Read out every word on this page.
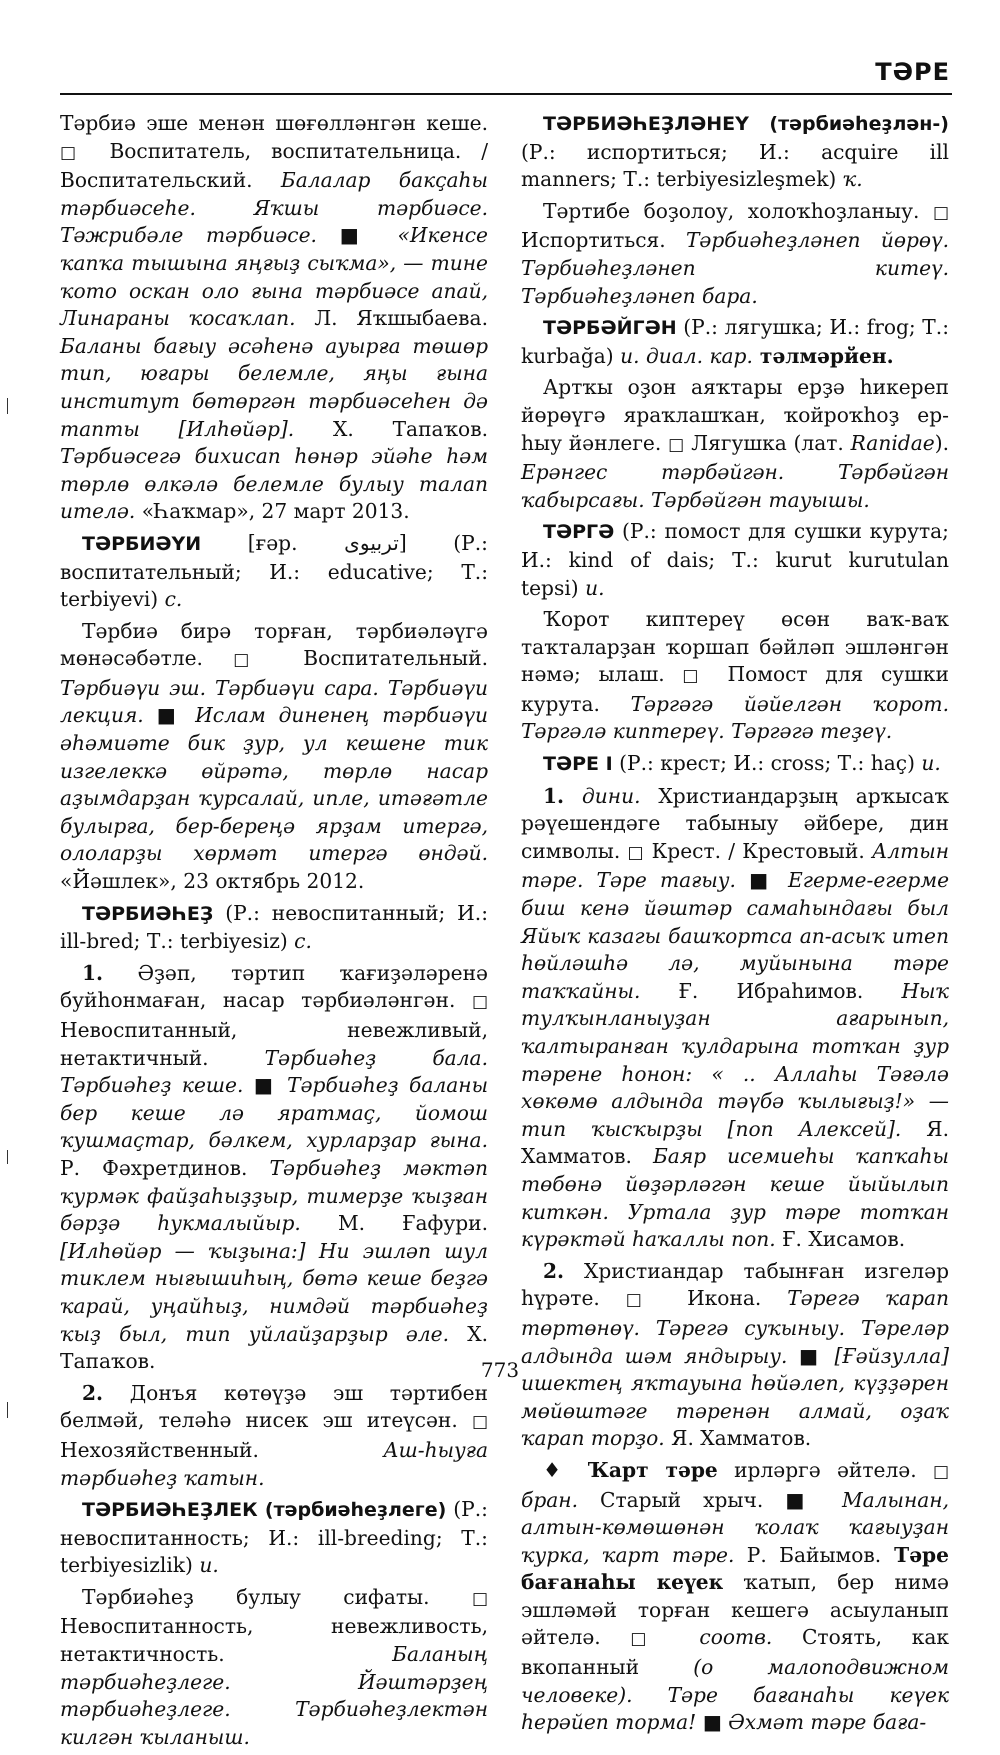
ТӘРЕ
Тәрбиә эше менән шөғөлләнгән кеше. □ Воспитатель, воспитательница. / Воспитательский. Балалар бакҫаһы тәрбиәсеһе. Яҡшы тәрбиәсе. Тәжрибәле тәрбиәсе. ■ «Икенсе ҡапҡа тышына яңғыҙ сыҡма», — тине ҡото оскан оло ғына тәрбиәсе апай, Линараны ҡосаҡлап. Л. Яҡшыбаева. Баланы бағыу әсәһенә ауырға төшөр тип, юғары белемле, яңы ғына институт бөтөргән тәрбиәсеһен дә тапты [Илһөйәр]. Х. Тапаҡов. Тәрбиәсегә бихисап һөнәр эйәһе һәм төрлө өлкәлә белемле булыу талап ителә. «Һаҡмар», 27 март 2013.
ТӘРБИӘҮИ [ғәр. تربيوى] (Р.: воспитательный; И.: educative; Т.: terbiyevi) с.
Тәрбиә бирә торған, тәрбиәләүгә мөнәсәбәтле. □ Воспитательный. Тәрбиәүи эш. Тәрбиәүи сара. Тәрбиәүи лекция. ■ Ислам диненең тәрбиәүи әһәмиәте бик ҙур, ул кешене тик изгелеккә өйрәтә, төрлө насар аҙымдарҙан ҡурсалай, ипле, итәғәтле булырға, бер-береңә ярҙам итергә, ололарҙы хөрмәт итергә өндәй. «Йәшлек», 23 октябрь 2012.
ТӘРБИӘҺЕҘ (Р.: невоспитанный; И.: ill-bred; Т.: terbiyesiz) с.
1. Әҙәп, тәртип ҡағиҙәләренә буйһонмаған, насар тәрбиәләнгән. □ Невоспитанный, невежливый, нетактичный. Тәрбиәһеҙ бала. Тәрбиәһеҙ кеше. ■ Тәрбиәһеҙ баланы бер кеше лә яратмаҫ, йомош ҡушмаҫтар, бәлкем, хурларҙар ғына. Р. Фәхретдинов. Тәрбиәһеҙ мәктәп ҡурмәк файҙаһыҙҙыр, тимерҙе ҡыҙған бәрҙә һукмалыйыр. М. Ғафури. [Илһөйәр — ҡыҙына:] Ни эшләп шул тиклем нығышиһың, бөтә кеше беҙгә ҡарай, уңайһыҙ, нимдәй тәрбиәһеҙ ҡыҙ был, тип уйлайҙарҙыр әле. Х. Тапаҡов.
2. Донъя көтөүҙә эш тәртибен белмәй, теләһә нисек эш итеүсән. □ Нехозяйственный. Аш-һыуға тәрбиәһеҙ ҡатын.
ТӘРБИӘҺЕҘЛЕК (тәрбиәһеҙлеге) (Р.: невоспитанность; И.: ill-breeding; Т.: terbiyesizlik) и.
Тәрбиәһеҙ булыу сифаты. □ Невоспитанность, невежливость, нетактичность. Баланың тәрбиәһеҙлеге. Йәштәрҙең тәрбиәһеҙлеге. Тәрбиәһеҙлектән килгән ҡыланыш.
ТӘРБИӘҺЕҘЛӘНЕҮ (тәрбиәһеҙлән-) (Р.: испортиться; И.: acquire ill manners; Т.: terbiyesizleşmek) ҡ.
Тәртибе боҙолоу, холоҡһоҙланыу. □ Испортиться. Тәрбиәһеҙләнеп йөрөү. Тәрбиәһеҙләнеп китеү. Тәрбиәһеҙләнеп бара.
ТӘРБӘЙГӘН (Р.: лягушка; И.: frog; Т.: kurbağa) и. диал. кар. тәлмәрйен.
Артҡы оҙон аяҡтары ерҙә һикереп йөрөүгә яраҡлашҡан, ҡойроҡһоҙ ер-һыу йәнлеге. □ Лягушка (лат. Ranidae). Ерәнгес тәрбәйгән. Тәрбәйгән ҡабырсағы. Тәрбәйгән тауышы.
ТӘРГӘ (Р.: помост для сушки курута; И.: kind of dais; Т.: kurut kurutulan tepsi) и.
Ҡорот киптереү өсөн ваҡ-ваҡ таҡталарҙан ҡоршап бәйләп эшләнгән нәмә; ылаш. □ Помост для сушки курута. Тәргәгә йәйелгән ҡорот. Тәргәлә киптереү. Тәргәгә теҙеү.
ТӘРЕ I (Р.: крест; И.: cross; Т.: haç) и.
1. дини. Христиандарҙың арҡысаҡ рәүешендәге табыныу әйбере, дин символы. □ Крест. / Крестовый. Алтын тәре. Тәре тағыу. ■ Егерме-егерме биш кенә йәштәр самаһындағы был Яйыҡ казагы башҡортса ап-асыҡ итеп һөйләшһә лә, муйынына тәре таҡҡайны. Ғ. Ибраһимов. Ныҡ тулҡынланыуҙан ағарынып, ҡалтыранған ҡулдарына тотҡан ҙур тәрене һонон: « .. Аллаһы Тәғәлә хөкөмө алдында тәүбә ҡылығыҙ!» — тип ҡысҡырҙы [поп Алексей]. Я. Хамматов. Баяр исемиеһы ҡапҡаһы төбөнә йөҙәрләгән кеше йыйылып киткән. Уртала ҙур тәре тотҡан күрәктәй һаҡаллы поп. Ғ. Хисамов.
2. Христиандар табынған изгеләр һүрәте. □ Икона. Тәрегә ҡарап төртөнөү. Тәрегә суҡыныу. Тәреләр алдында шәм яндырыу. ■ [Ғәйзулла] ишектең яҡтауына һөйәлеп, күҙҙәрен мөйөштәге тәренән алмай, оҙаҡ ҡарап торҙо. Я. Хамматов.
♦ Ҡарт тәре ирләргә әйтелә. □ бран. Старый хрыч. ■ Малынан, алтын-көмөшөнән ҡолаҡ ҡағыуҙан ҡурка, ҡарт тәре. Р. Байымов. Тәре бағанаһы кеүек ҡатып, бер нимә эшләмәй торған кешегә асыуланып әйтелә. □ соотв. Стоять, как вкопанный (о малоподвижном человеке). Тәре бағанаһы кеүек һерәйеп торма! ■ Әхмәт тәре бағa-
773
